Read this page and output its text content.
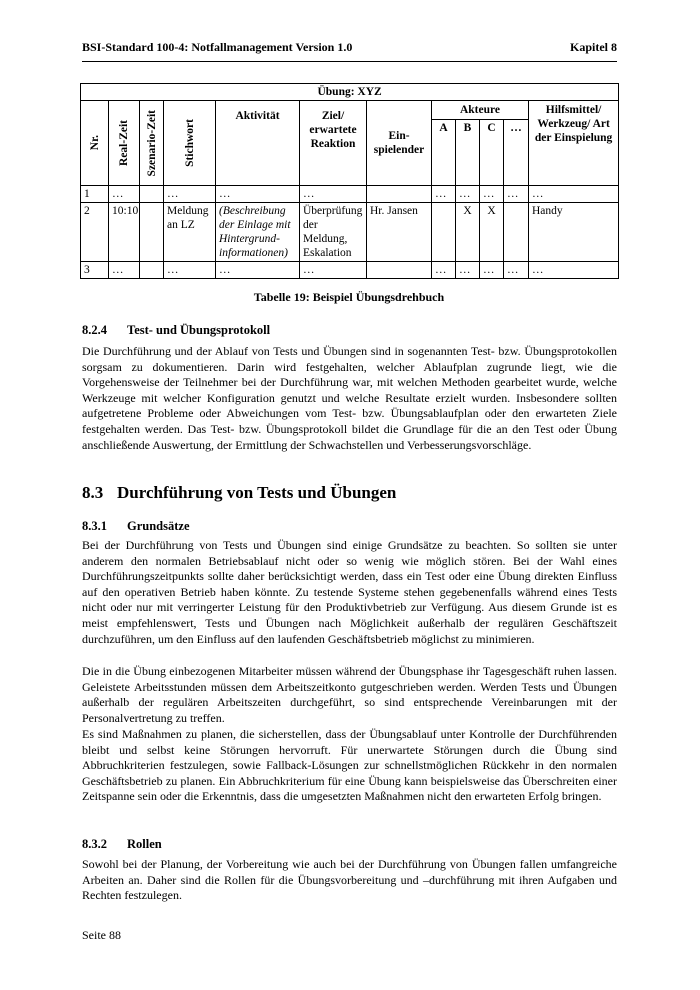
BSI-Standard 100-4: Notfallmanagement Version 1.0	Kapitel 8
Übung: XYZ											

Nr.	Real-Zeit	Szenario-Zeit	Stichwort	Aktivität	Ziel/ erwartete Reaktion	Ein-spielender	Akteure				Hilfsmittel/ Werkzeug/ Art der Einspielung
							A	B	C	…	
1	…		…	…	…		…	…	…	…	…
2	10:10		Meldung an LZ	(Beschreibung der Einlage mit Hintergrund-informationen)	Überprüfung der Meldung, Eskalation	Hr. Jansen		X	X		Handy
3	…		…	…	…		…	…	…	…	…
Tabelle 19: Beispiel Übungsdrehbuch
8.2.4 Test- und Übungsprotokoll

Die Durchführung und der Ablauf von Tests und Übungen sind in sogenannten Test- bzw. Übungsprotokollen sorgsam zu dokumentieren. Darin wird festgehalten, welcher Ablaufplan zugrunde liegt, wie die Vorgehensweise der Teilnehmer bei der Durchführung war, mit welchen Methoden gearbeitet wurde, welche Werkzeuge mit welcher Konfiguration genutzt und welche Resultate erzielt wurden. Insbesondere sollten aufgetretene Probleme oder Abweichungen vom Test- bzw. Übungsablaufplan oder den erwarteten Ziele festgehalten werden. Das Test- bzw. Übungsprotokoll bildet die Grundlage für die an den Test oder Übung anschließende Auswertung, der Ermittlung der Schwachstellen und Verbesserungsvorschläge.

8.3 Durchführung von Tests und Übungen
8.3.1 Grundsätze

Bei der Durchführung von Tests und Übungen sind einige Grundsätze zu beachten. So sollten sie unter anderem den normalen Betriebsablauf nicht oder so wenig wie möglich stören. Bei der Wahl eines Durchführungszeitpunkts sollte daher berücksichtigt werden, dass ein Test oder eine Übung direkten Einfluss auf den operativen Betrieb haben könnte. Zu testende Systeme stehen gegebenenfalls während eines Tests nicht oder nur mit verringerter Leistung für den Produktivbetrieb zur Verfügung. Aus diesem Grunde ist es meist empfehlenswert, Tests und Übungen nach Möglichkeit außerhalb der regulären Geschäftszeit durchzuführen, um den Einfluss auf den laufenden Geschäftsbetrieb möglichst zu minimieren.

Die in die Übung einbezogenen Mitarbeiter müssen während der Übungsphase ihr Tagesgeschäft ruhen lassen. Geleistete Arbeitsstunden müssen dem Arbeitszeitkonto gutgeschrieben werden. Werden Tests und Übungen außerhalb der regulären Arbeitszeiten durchgeführt, so sind entsprechende Vereinbarungen mit der Personalvertretung zu treffen.

Es sind Maßnahmen zu planen, die sicherstellen, dass der Übungsablauf unter Kontrolle der Durchführenden bleibt und selbst keine Störungen hervorruft. Für unerwartete Störungen durch die Übung sind Abbruchkriterien festzulegen, sowie Fallback-Lösungen zur schnellstmöglichen Rückkehr in den normalen Geschäftsbetrieb zu planen. Ein Abbruchkriterium für eine Übung kann beispielsweise das Überschreiten einer Zeitspanne sein oder die Erkenntnis, dass die umgesetzten Maßnahmen nicht den erwarteten Erfolg bringen.

8.3.2 Rollen

Sowohl bei der Planung, der Vorbereitung wie auch bei der Durchführung von Übungen fallen umfangreiche Arbeiten an. Daher sind die Rollen für die Übungsvorbereitung und –durchführung mit ihren Aufgaben und Rechten festzulegen.

Seite 88
